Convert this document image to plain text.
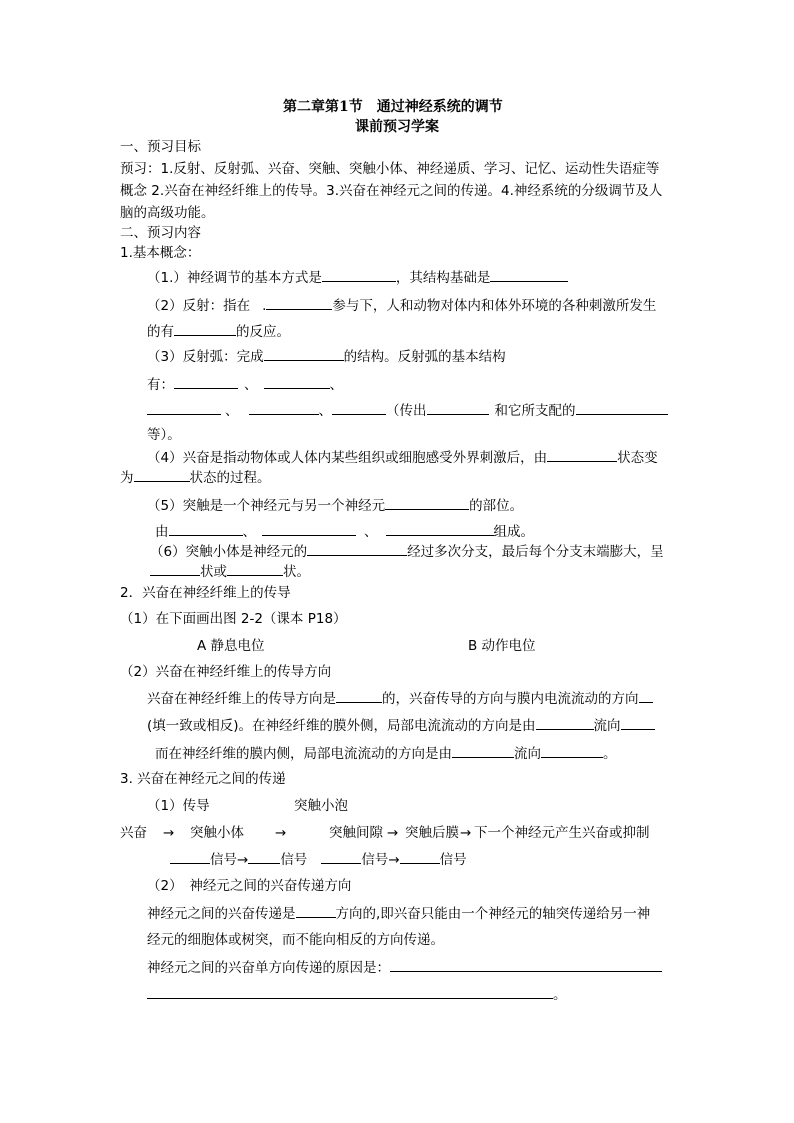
第二章第1节　通过神经系统的调节
课前预习学案
一、预习目标
预习：1.反射、反射弧、兴奋、突触、突触小体、神经递质、学习、记忆、运动性失语症等
概念 2.兴奋在神经纤维上的传导。3.兴奋在神经元之间的传递。4.神经系统的分级调节及人
脑的高级功能。
二、预习内容
1.基本概念：
（1.）神经调节的基本方式是	，其结构基础是
（2）反射：指在 .	参与下，人和动物对体内和体外环境的各种刺激所发生
的有	的反应。
（3）反射弧：完成	的结构。反射弧的基本结构
有：	、	、
、	、	（传出	和它所支配的
等）。
（4）兴奋是指动物体或人体内某些组织或细胞感受外界刺激后，由	状态变
为	状态的过程。
（5）突触是一个神经元与另一个神经元	的部位。
由	、	、	组成。
（6）突触小体是神经元的	经过多次分支，最后每个分支末端膨大，呈
状或	状。
2．兴奋在神经纤维上的传导
（1）在下面画出图 2-2（课本 P18）
A 静息电位	B 动作电位
（2）兴奋在神经纤维上的传导方向
兴奋在神经纤维上的传导方向是	的，兴奋传导的方向与膜内电流流动的方向
(填一致或相反)。在神经纤维的膜外侧，局部电流流动的方向是由	流向
而在神经纤维的膜内侧，局部电流流动的方向是由	流向	。
3. 兴奋在神经元之间的传递
（1）传导	突触小泡
兴奋 → 突触小体 →	突触间隙 → 突触后膜 → 下一个神经元产生兴奋或抑制
信号→ 信号	信号→	信号
（2）　神经元之间的兴奋传递方向
神经元之间的兴奋传递是	方向的,即兴奋只能由一个神经元的轴突传递给另一神
经元的细胞体或树突，而不能向相反的方向传递。
神经元之间的兴奋单方向传递的原因是：
。
